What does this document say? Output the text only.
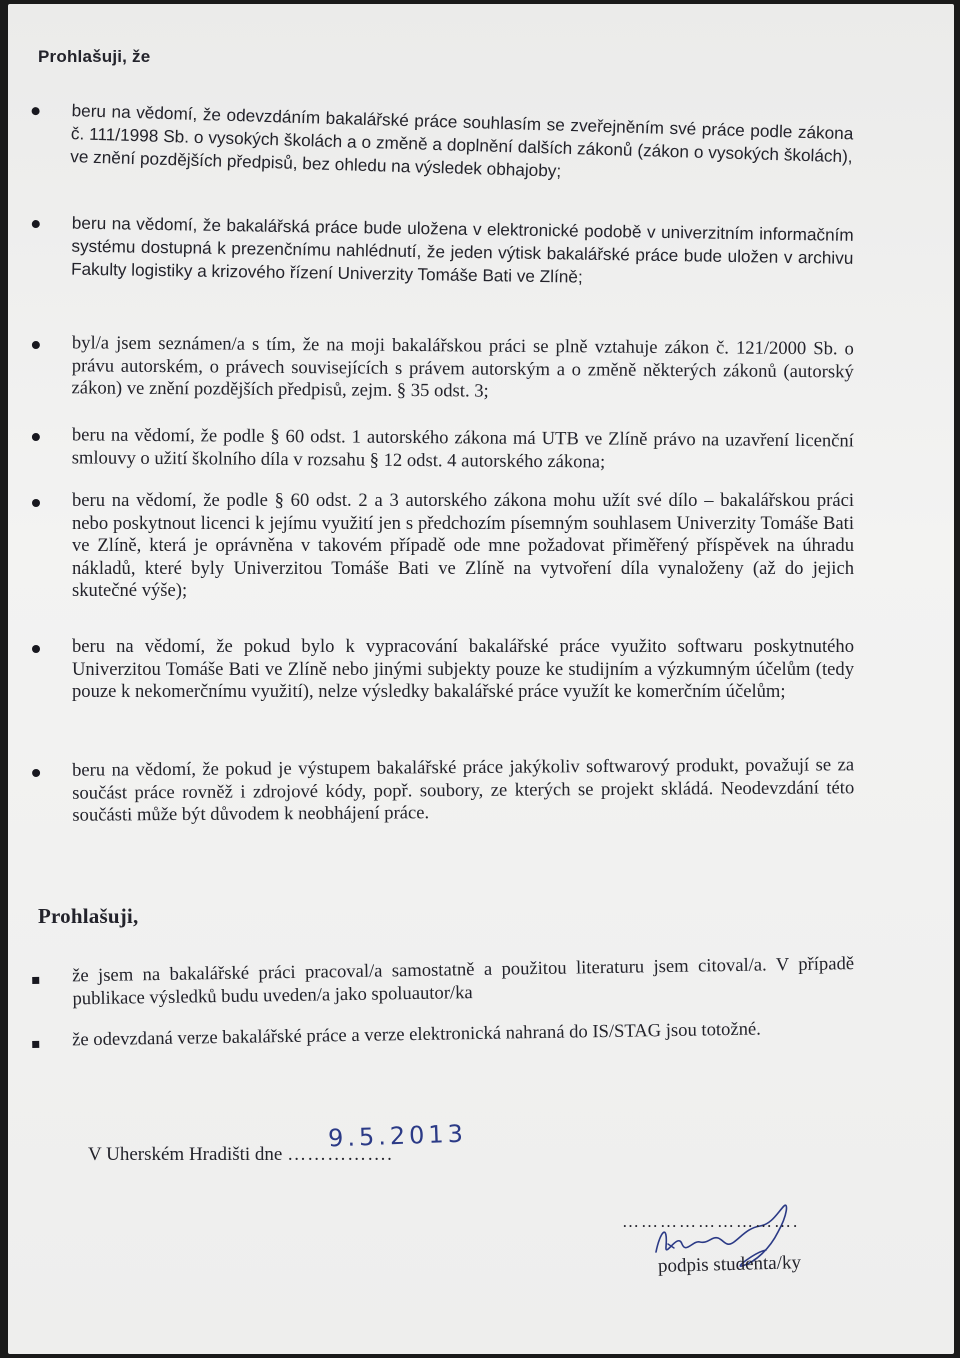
Prohlašuji, že
beru na vědomí, že odevzdáním bakalářské práce souhlasím se zveřejněním své práce podle zákona č. 111/1998 Sb. o vysokých školách a o změně a doplnění dalších zákonů (zákon o vysokých školách), ve znění pozdějších předpisů, bez ohledu na výsledek obhajoby;
beru na vědomí, že bakalářská práce bude uložena v elektronické podobě v univerzitním informačním systému dostupná k prezenčnímu nahlédnutí, že jeden výtisk bakalářské práce bude uložen v archivu Fakulty logistiky a krizového řízení Univerzity Tomáše Bati ve Zlíně;
byl/a jsem seznámen/a s tím, že na moji bakalářskou práci se plně vztahuje zákon č. 121/2000 Sb. o právu autorském, o právech souvisejících s právem autorským a o změně některých zákonů (autorský zákon) ve znění pozdějších předpisů, zejm. § 35 odst. 3;
beru na vědomí, že podle § 60 odst. 1 autorského zákona má UTB ve Zlíně právo na uzavření licenční smlouvy o užití školního díla v rozsahu § 12 odst. 4 autorského zákona;
beru na vědomí, že podle § 60 odst. 2 a 3 autorského zákona mohu užít své dílo – bakalářskou práci nebo poskytnout licenci k jejímu využití jen s předchozím písemným souhlasem Univerzity Tomáše Bati ve Zlíně, která je oprávněna v takovém případě ode mne požadovat přiměřený příspěvek na úhradu nákladů, které byly Univerzitou Tomáše Bati ve Zlíně na vytvoření díla vynaloženy (až do jejich skutečné výše);
beru na vědomí, že pokud bylo k vypracování bakalářské práce využito softwaru poskytnutého Univerzitou Tomáše Bati ve Zlíně nebo jinými subjekty pouze ke studijním a výzkumným účelům (tedy pouze k nekomerčnímu využití), nelze výsledky bakalářské práce využít ke komerčním účelům;
beru na vědomí, že pokud je výstupem bakalářské práce jakýkoliv softwarový produkt, považují se za součást práce rovněž i zdrojové kódy, popř. soubory, ze kterých se projekt skládá. Neodevzdání této součásti může být důvodem k neobhájení práce.
Prohlašuji,
že jsem na bakalářské práci pracoval/a samostatně a použitou literaturu jsem citoval/a. V případě publikace výsledků budu uveden/a jako spoluautor/ka
že odevzdaná verze bakalářské práce a verze elektronická nahraná do IS/STAG jsou totožné.
V Uherském Hradišti dne …………….
9.5.2013
……………………….
podpis studenta/ky
